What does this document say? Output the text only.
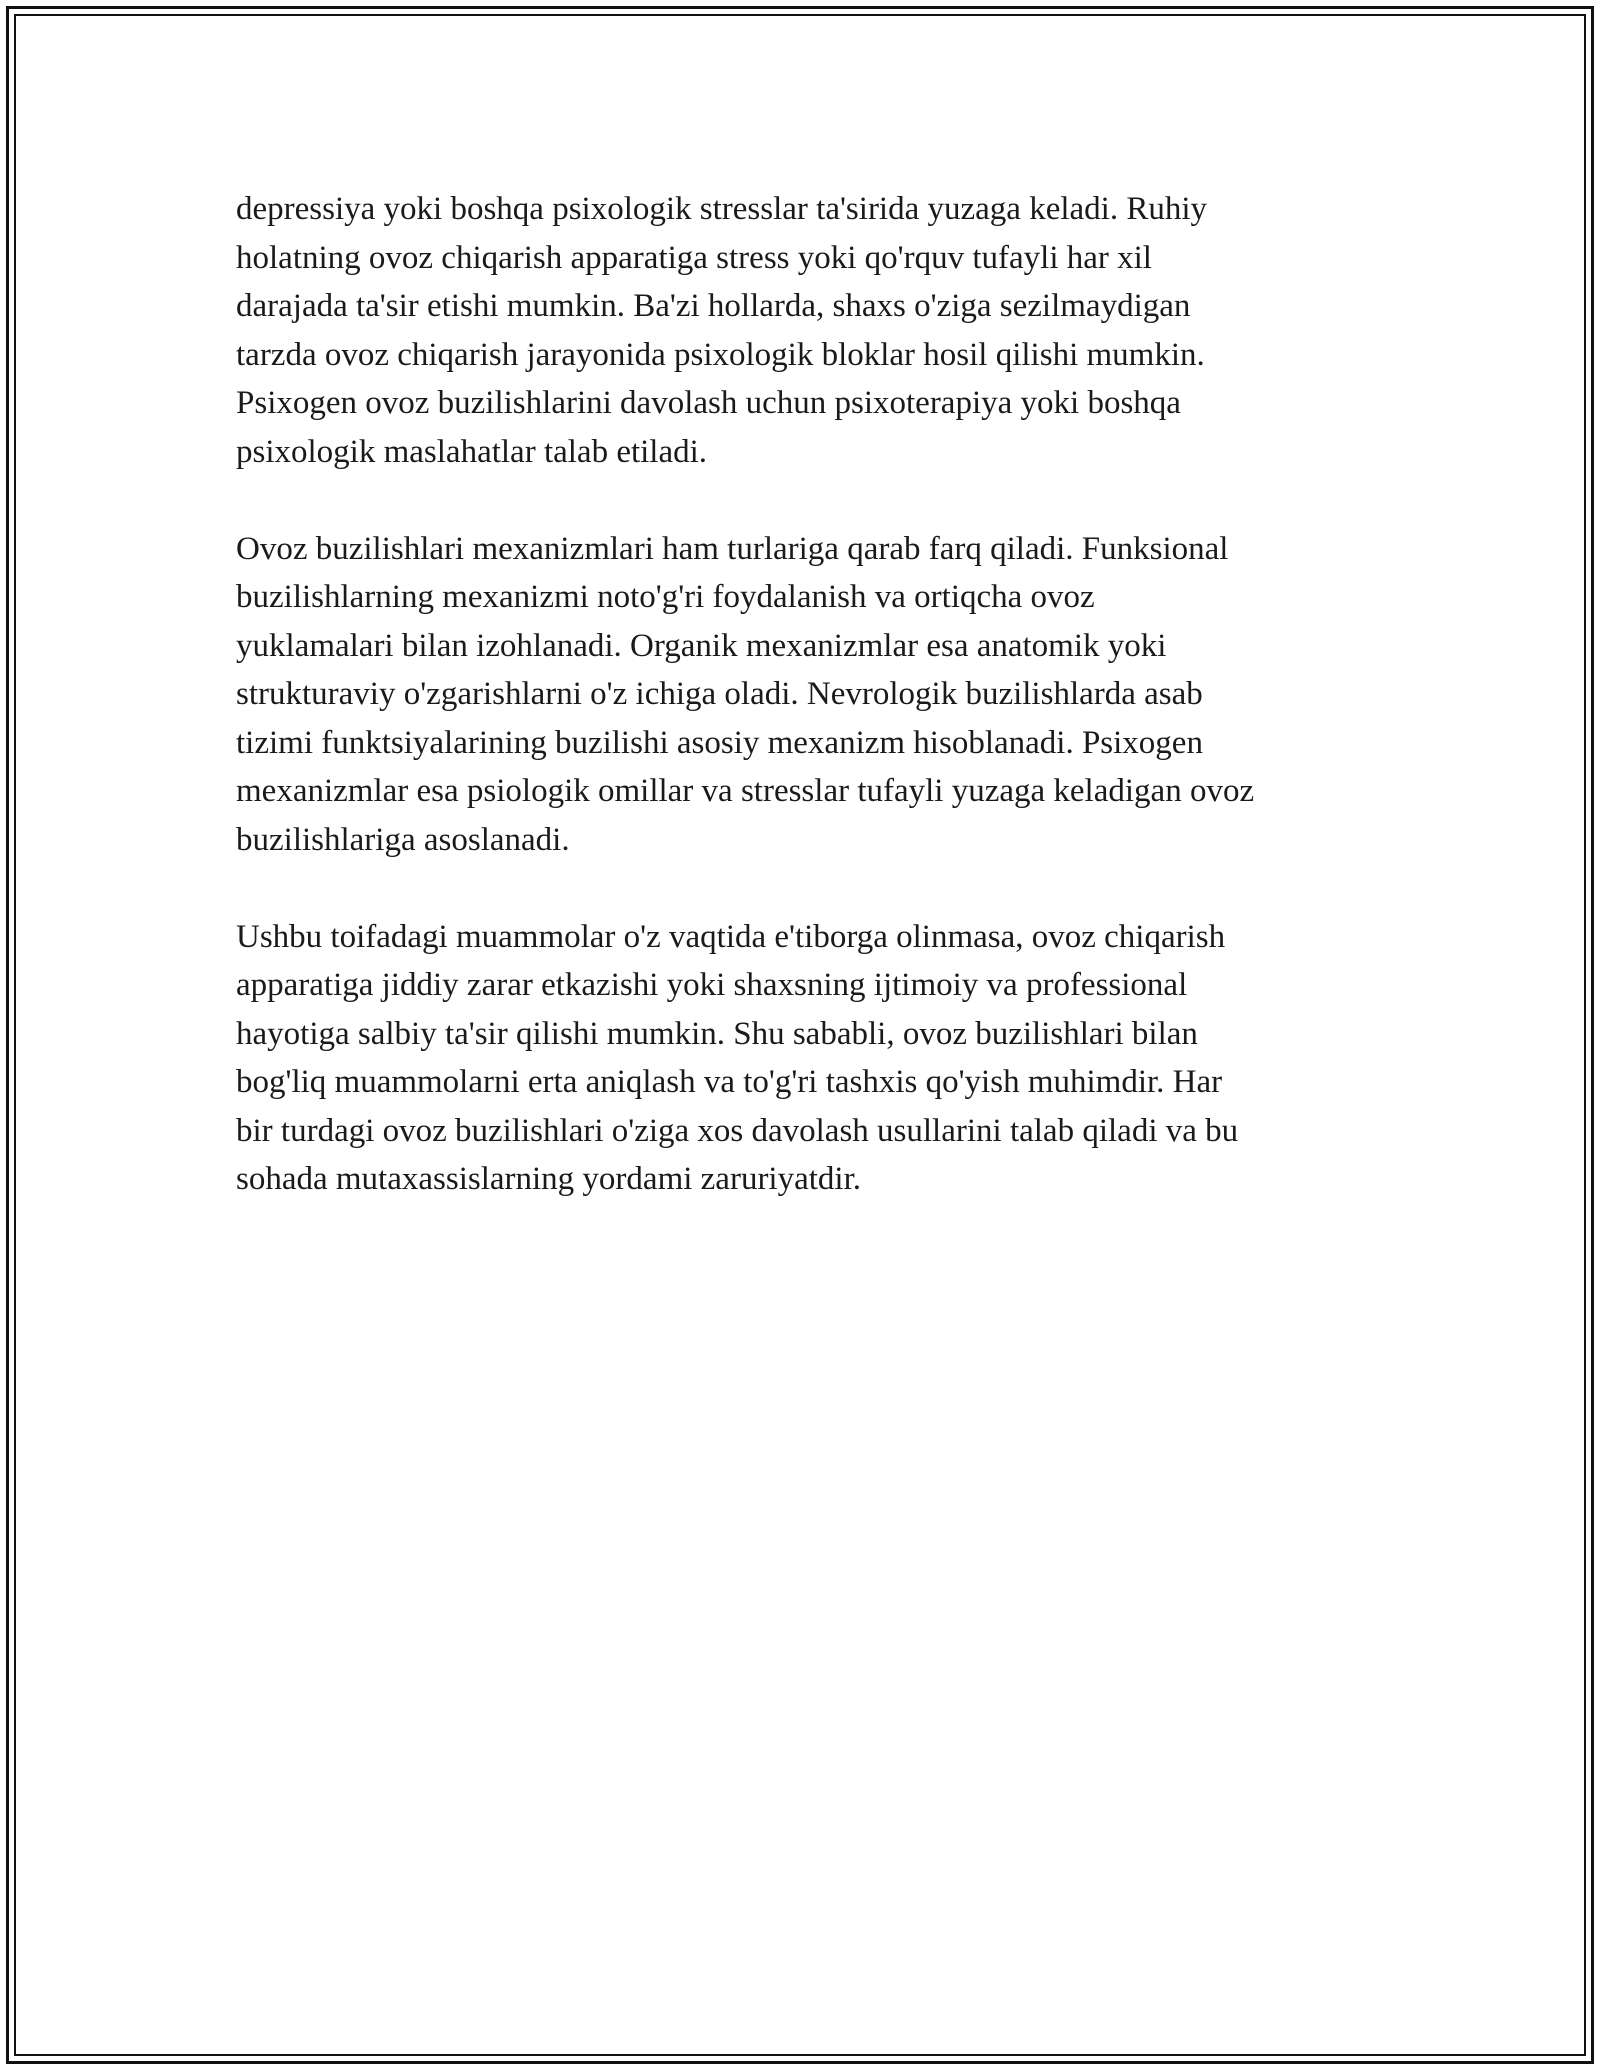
depressiya yoki boshqa psixologik stresslar ta'sirida yuzaga keladi. Ruhiy
holatning ovoz chiqarish apparatiga stress yoki qo'rquv tufayli har xil
darajada ta'sir etishi mumkin. Ba'zi hollarda, shaxs o'ziga sezilmaydigan
tarzda ovoz chiqarish jarayonida psixologik bloklar hosil qilishi mumkin.
Psixogen ovoz buzilishlarini davolash uchun psixoterapiya yoki boshqa
psixologik maslahatlar talab etiladi.

Ovoz buzilishlari mexanizmlari ham turlariga qarab farq qiladi. Funksional
buzilishlarning mexanizmi noto'g'ri foydalanish va ortiqcha ovoz
yuklamalari bilan izohlanadi. Organik mexanizmlar esa anatomik yoki
strukturaviy o'zgarishlarni o'z ichiga oladi. Nevrologik buzilishlarda asab
tizimi funktsiyalarining buzilishi asosiy mexanizm hisoblanadi. Psixogen
mexanizmlar esa psiologik omillar va stresslar tufayli yuzaga keladigan ovoz
buzilishlariga asoslanadi.

Ushbu toifadagi muammolar o'z vaqtida e'tiborga olinmasa, ovoz chiqarish
apparatiga jiddiy zarar etkazishi yoki shaxsning ijtimoiy va professional
hayotiga salbiy ta'sir qilishi mumkin. Shu sababli, ovoz buzilishlari bilan
bog'liq muammolarni erta aniqlash va to'g'ri tashxis qo'yish muhimdir. Har
bir turdagi ovoz buzilishlari o'ziga xos davolash usullarini talab qiladi va bu
sohada mutaxassislarning yordami zaruriyatdir.
